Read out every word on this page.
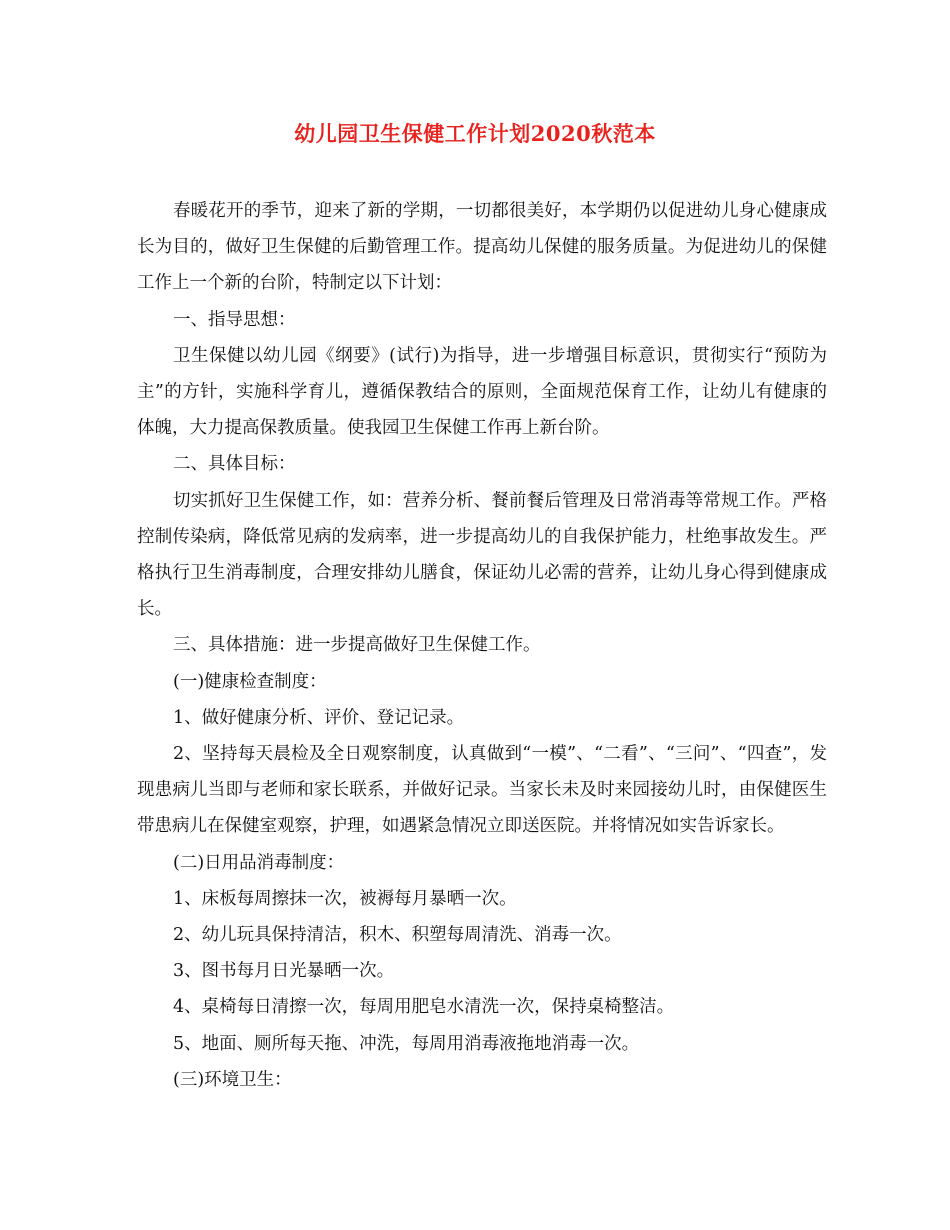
幼儿园卫生保健工作计划2020秋范本

春暖花开的季节，迎来了新的学期，一切都很美好，本学期仍以促进幼儿身心健康成长为目的，做好卫生保健的后勤管理工作。提高幼儿保健的服务质量。为促进幼儿的保健工作上一个新的台阶，特制定以下计划：

一、指导思想：

卫生保健以幼儿园《纲要》(试行)为指导，进一步增强目标意识，贯彻实行“预防为主”的方针，实施科学育儿，遵循保教结合的原则，全面规范保育工作，让幼儿有健康的体魄，大力提高保教质量。使我园卫生保健工作再上新台阶。

二、具体目标：

切实抓好卫生保健工作，如：营养分析、餐前餐后管理及日常消毒等常规工作。严格控制传染病，降低常见病的发病率，进一步提高幼儿的自我保护能力，杜绝事故发生。严格执行卫生消毒制度，合理安排幼儿膳食，保证幼儿必需的营养，让幼儿身心得到健康成长。

三、具体措施：进一步提高做好卫生保健工作。

(一)健康检查制度：

1、做好健康分析、评价、登记记录。

2、坚持每天晨检及全日观察制度，认真做到“一模”、“二看”、“三问”、“四查”，发现患病儿当即与老师和家长联系，并做好记录。当家长未及时来园接幼儿时，由保健医生带患病儿在保健室观察，护理，如遇紧急情况立即送医院。并将情况如实告诉家长。

(二)日用品消毒制度：

1、床板每周擦抹一次，被褥每月暴晒一次。

2、幼儿玩具保持清洁，积木、积塑每周清洗、消毒一次。

3、图书每月日光暴晒一次。

4、桌椅每日清擦一次，每周用肥皂水清洗一次，保持桌椅整洁。

5、地面、厕所每天拖、冲洗，每周用消毒液拖地消毒一次。

(三)环境卫生：
